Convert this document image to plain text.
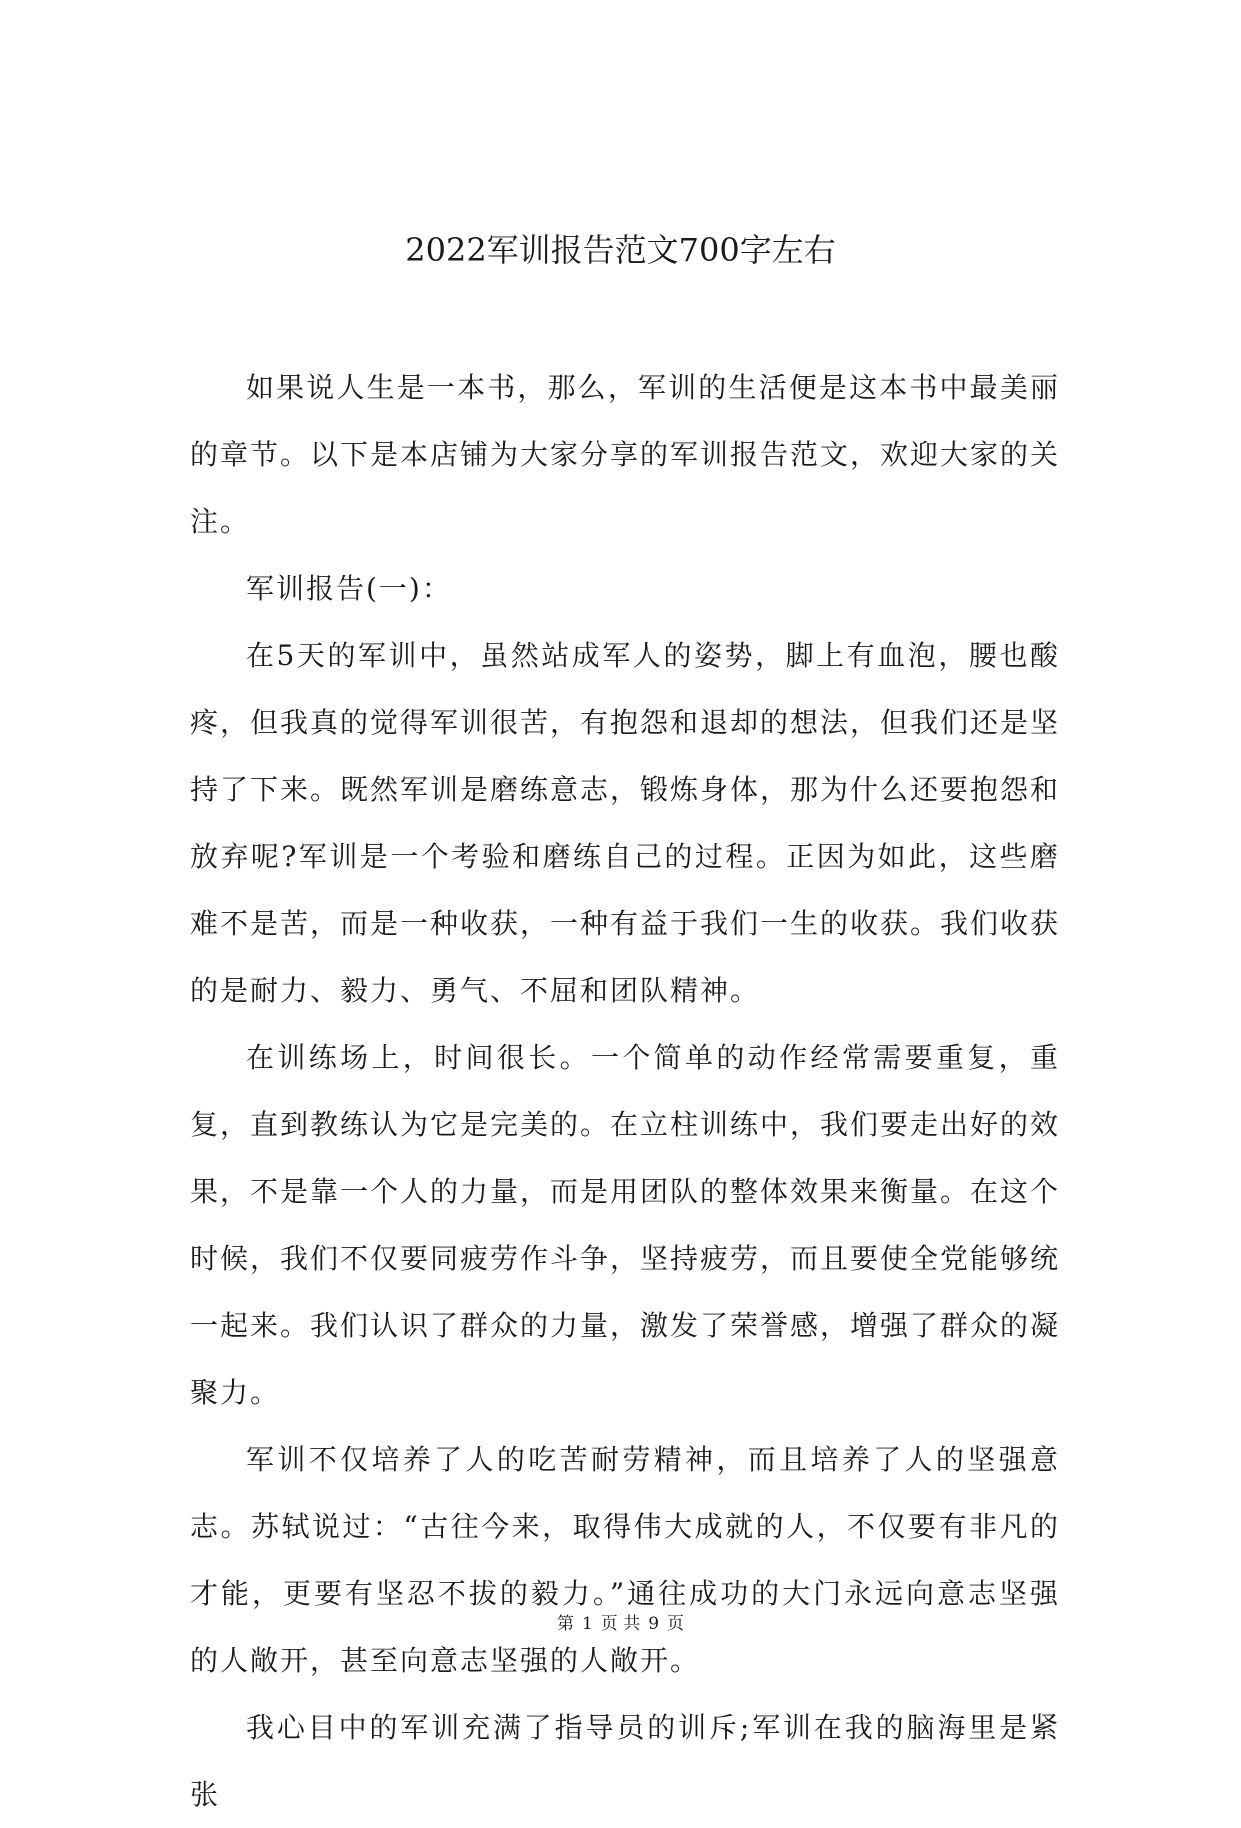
2022军训报告范文700字左右

如果说人生是一本书，那么，军训的生活便是这本书中最美丽的章节。以下是本店铺为大家分享的军训报告范文，欢迎大家的关注。

军训报告(一)：

在5天的军训中，虽然站成军人的姿势，脚上有血泡，腰也酸疼，但我真的觉得军训很苦，有抱怨和退却的想法，但我们还是坚持了下来。既然军训是磨练意志，锻炼身体，那为什么还要抱怨和放弃呢?军训是一个考验和磨练自己的过程。正因为如此，这些磨难不是苦，而是一种收获，一种有益于我们一生的收获。我们收获的是耐力、毅力、勇气、不屈和团队精神。

在训练场上，时间很长。一个简单的动作经常需要重复，重复，直到教练认为它是完美的。在立柱训练中，我们要走出好的效果，不是靠一个人的力量，而是用团队的整体效果来衡量。在这个时候，我们不仅要同疲劳作斗争，坚持疲劳，而且要使全党能够统一起来。我们认识了群众的力量，激发了荣誉感，增强了群众的凝聚力。

军训不仅培养了人的吃苦耐劳精神，而且培养了人的坚强意志。苏轼说过：“古往今来，取得伟大成就的人，不仅要有非凡的才能，更要有坚忍不拔的毅力。”通往成功的大门永远向意志坚强的人敞开，甚至向意志坚强的人敞开。

我心目中的军训充满了指导员的训斥;军训在我的脑海里是紧张

第 1 页 共 9 页
